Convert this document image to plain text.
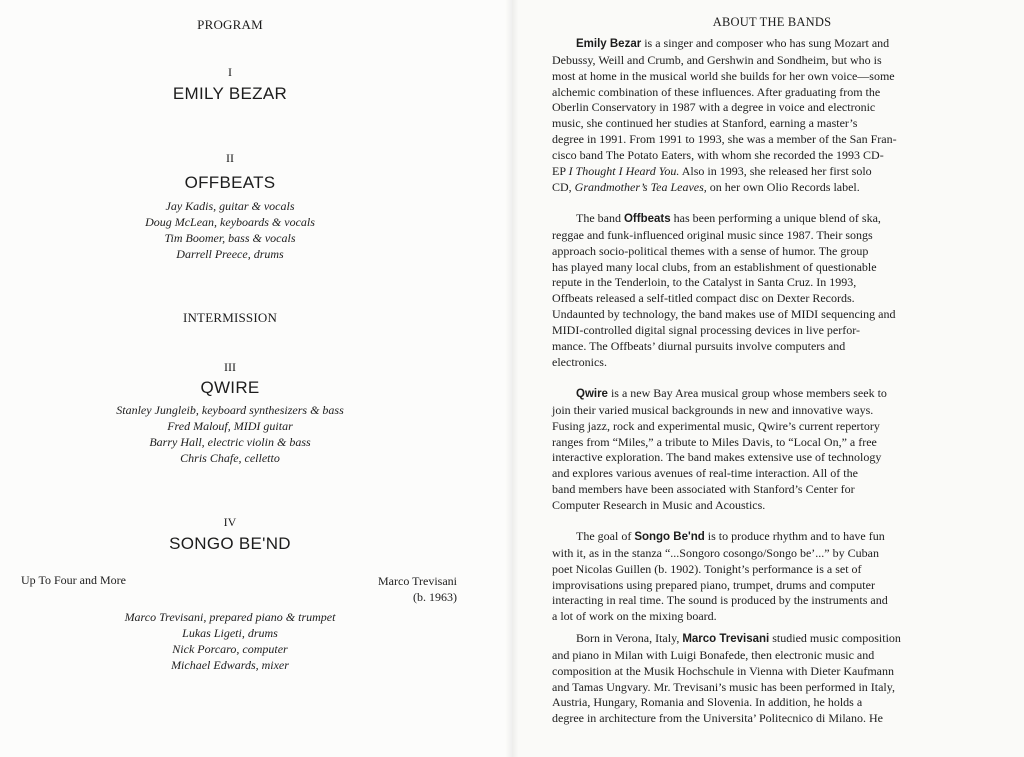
PROGRAM
I
EMILY BEZAR
II
OFFBEATS
Jay Kadis, guitar & vocals
Doug McLean, keyboards & vocals
Tim Boomer, bass & vocals
Darrell Preece, drums
INTERMISSION
III
QWIRE
Stanley Jungleib, keyboard synthesizers & bass
Fred Malouf, MIDI guitar
Barry Hall, electric violin & bass
Chris Chafe, celletto
IV
SONGO BE'ND
Up To Four and More	Marco Trevisani
(b. 1963)
Marco Trevisani, prepared piano & trumpet
Lukas Ligeti, drums
Nick Porcaro, computer
Michael Edwards, mixer
ABOUT THE BANDS
Emily Bezar is a singer and composer who has sung Mozart and
Debussy, Weill and Crumb, and Gershwin and Sondheim, but who is
most at home in the musical world she builds for her own voice—some
alchemic combination of these influences. After graduating from the
Oberlin Conservatory in 1987 with a degree in voice and electronic
music, she continued her studies at Stanford, earning a master’s
degree in 1991. From 1991 to 1993, she was a member of the San Fran-
cisco band The Potato Eaters, with whom she recorded the 1993 CD-
EP I Thought I Heard You. Also in 1993, she released her first solo
CD, Grandmother’s Tea Leaves, on her own Olio Records label.
The band Offbeats has been performing a unique blend of ska,
reggae and funk-influenced original music since 1987. Their songs
approach socio-political themes with a sense of humor. The group
has played many local clubs, from an establishment of questionable
repute in the Tenderloin, to the Catalyst in Santa Cruz. In 1993,
Offbeats released a self-titled compact disc on Dexter Records.
Undaunted by technology, the band makes use of MIDI sequencing and
MIDI-controlled digital signal processing devices in live perfor-
mance. The Offbeats’ diurnal pursuits involve computers and
electronics.
Qwire is a new Bay Area musical group whose members seek to
join their varied musical backgrounds in new and innovative ways.
Fusing jazz, rock and experimental music, Qwire’s current repertory
ranges from “Miles,” a tribute to Miles Davis, to “Local On,” a free
interactive exploration. The band makes extensive use of technology
and explores various avenues of real-time interaction. All of the
band members have been associated with Stanford’s Center for
Computer Research in Music and Acoustics.
The goal of Songo Be'nd is to produce rhythm and to have fun
with it, as in the stanza “...Songoro cosongo/Songo be’...” by Cuban
poet Nicolas Guillen (b. 1902). Tonight’s performance is a set of
improvisations using prepared piano, trumpet, drums and computer
interacting in real time. The sound is produced by the instruments and
a lot of work on the mixing board.
Born in Verona, Italy, Marco Trevisani studied music composition
and piano in Milan with Luigi Bonafede, then electronic music and
composition at the Musik Hochschule in Vienna with Dieter Kaufmann
and Tamas Ungvary. Mr. Trevisani’s music has been performed in Italy,
Austria, Hungary, Romania and Slovenia. In addition, he holds a
degree in architecture from the Universita’ Politecnico di Milano. He
